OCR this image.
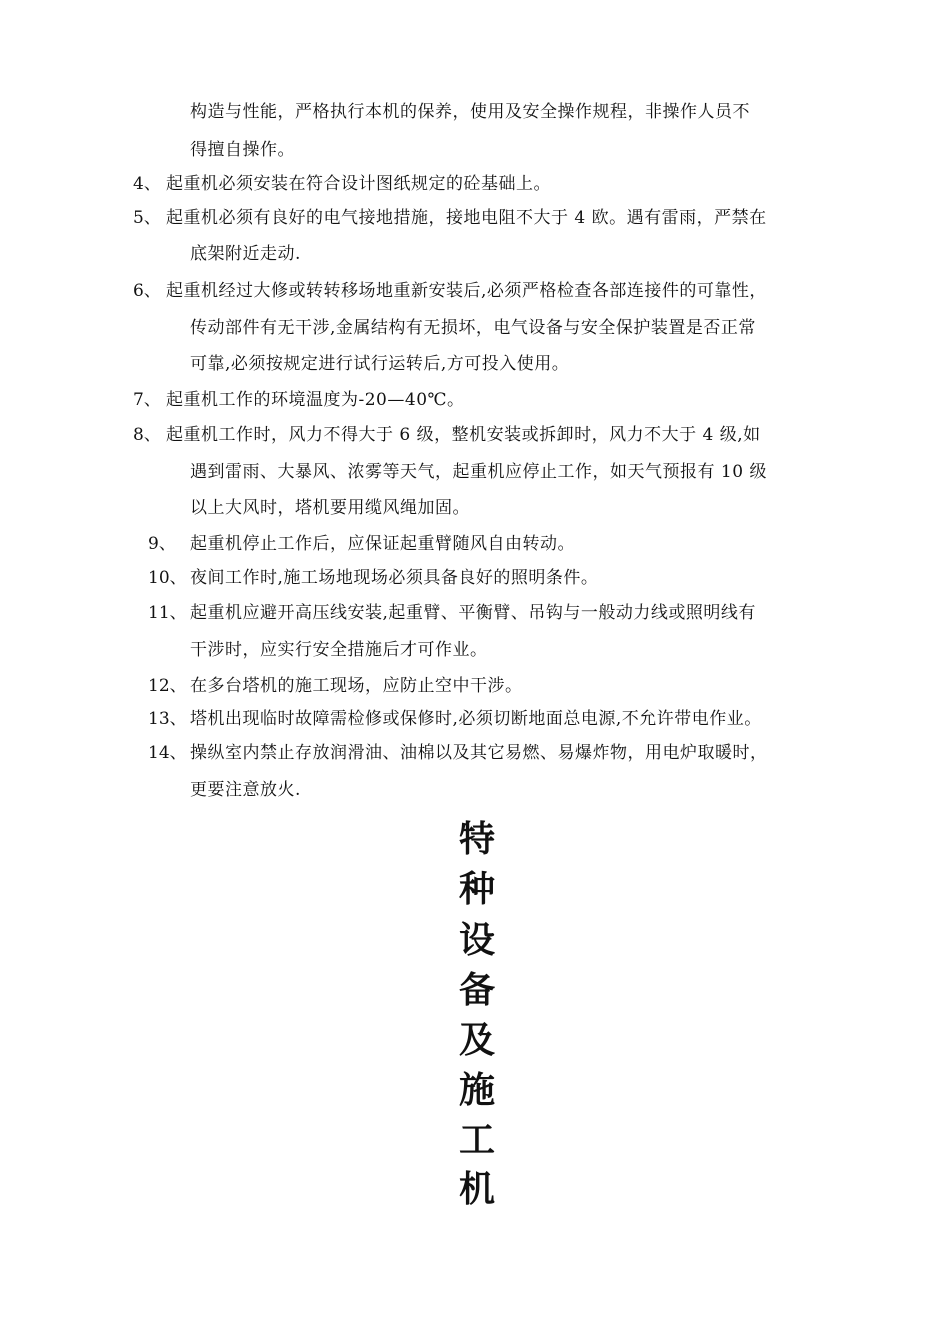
构造与性能，严格执行本机的保养，使用及安全操作规程，非操作人员不
得擅自操作。
4、 起重机必须安装在符合设计图纸规定的砼基础上。
5、 起重机必须有良好的电气接地措施，接地电阻不大于 4 欧。遇有雷雨，严禁在
底架附近走动.
6、 起重机经过大修或转转移场地重新安装后,必须严格检查各部连接件的可靠性，
传动部件有无干涉,金属结构有无损坏，电气设备与安全保护装置是否正常
可靠,必须按规定进行试行运转后,方可投入使用。
7、 起重机工作的环境温度为-20—40℃。
8、 起重机工作时，风力不得大于 6 级，整机安装或拆卸时，风力不大于 4 级,如
遇到雷雨、大暴风、浓雾等天气，起重机应停止工作，如天气预报有 10 级
以上大风时，塔机要用缆风绳加固。
9、 起重机停止工作后，应保证起重臂随风自由转动。
10、 夜间工作时,施工场地现场必须具备良好的照明条件。
11、 起重机应避开高压线安装,起重臂、平衡臂、吊钩与一般动力线或照明线有
干涉时，应实行安全措施后才可作业。
12、 在多台塔机的施工现场，应防止空中干涉。
13、 塔机出现临时故障需检修或保修时,必须切断地面总电源,不允许带电作业。
14、 操纵室内禁止存放润滑油、油棉以及其它易燃、易爆炸物，用电炉取暖时，
更要注意放火.
特
种
设
备
及
施
工
机
